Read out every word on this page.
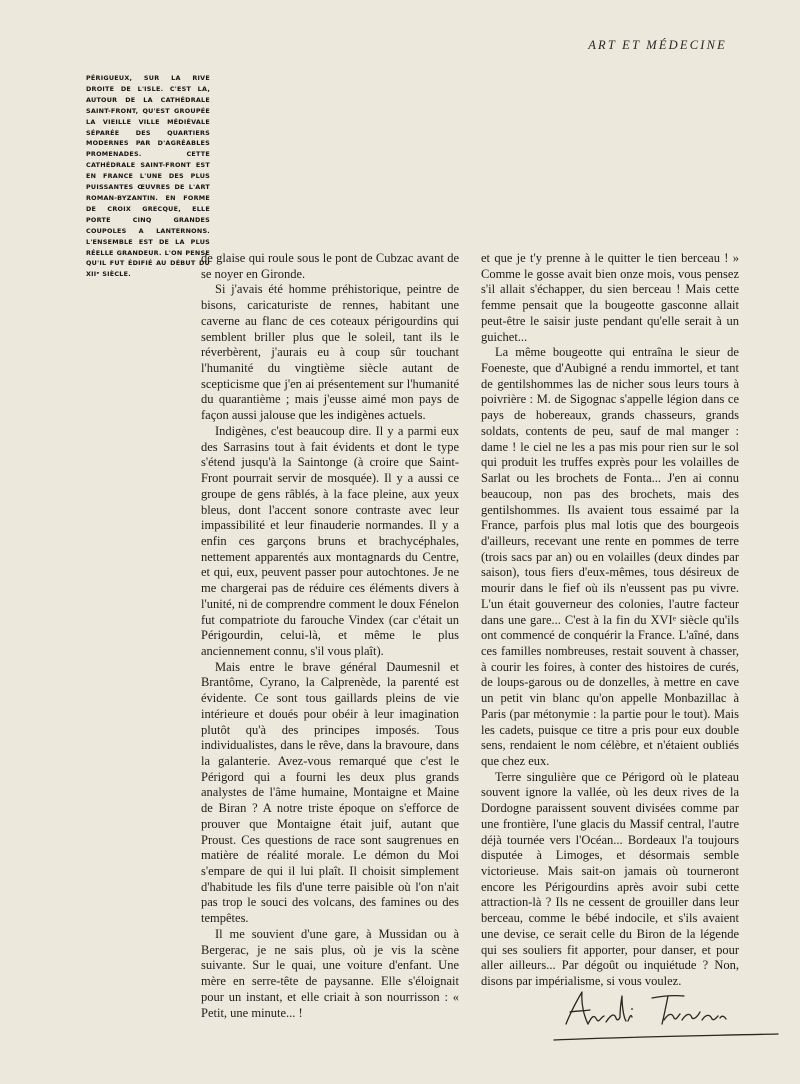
ART ET MÉDECINE
PÉRIGUEUX, SUR LA RIVE DROITE DE L'ISLE. C'EST LA, AUTOUR DE LA CATHÉDRALE SAINT-FRONT, QU'EST GROUPÉE LA VIEILLE VILLE MÉDIÉVALE SÉPARÉE DES QUARTIERS MODERNES PAR D'AGRÉABLES PROMENADES. CETTE CATHÉDRALE SAINT-FRONT EST EN FRANCE L'UNE DES PLUS PUISSANTES ŒUVRES DE L'ART ROMAN-BYZANTIN. EN FORME DE CROIX GRECQUE, ELLE PORTE CINQ GRANDES COUPOLES A LANTERNONS. L'ENSEMBLE EST DE LA PLUS RÉELLE GRANDEUR. L'ON PENSE QU'IL FUT ÉDIFIÉ AU DÉBUT DU XIIᵉ SIÈCLE.

de glaise qui roule sous le pont de Cubzac avant de se noyer en Gironde.

Si j'avais été homme préhistorique, peintre de bisons, caricaturiste de rennes, habitant une caverne au flanc de ces coteaux périgourdins qui semblent briller plus que le soleil, tant ils le réverbèrent, j'aurais eu à coup sûr touchant l'humanité du vingtième siècle autant de scepticisme que j'en ai présentement sur l'humanité du quarantième ; mais j'eusse aimé mon pays de façon aussi jalouse que les indigènes actuels.

Indigènes, c'est beaucoup dire. Il y a parmi eux des Sarrasins tout à fait évidents et dont le type s'étend jusqu'à la Saintonge (à croire que Saint-Front pourrait servir de mosquée). Il y a aussi ce groupe de gens râblés, à la face pleine, aux yeux bleus, dont l'accent sonore contraste avec leur impassibilité et leur finauderie normandes. Il y a enfin ces garçons bruns et brachycéphales, nettement apparentés aux montagnards du Centre, et qui, eux, peuvent passer pour autochtones. Je ne me chargerai pas de réduire ces éléments divers à l'unité, ni de comprendre comment le doux Fénelon fut compatriote du farouche Vindex (car c'était un Périgourdin, celui-là, et même le plus anciennement connu, s'il vous plaît).

Mais entre le brave général Daumesnil et Brantôme, Cyrano, la Calprenède, la parenté est évidente. Ce sont tous gaillards pleins de vie intérieure et doués pour obéir à leur imagination plutôt qu'à des principes imposés. Tous individualistes, dans le rêve, dans la bravoure, dans la galanterie. Avez-vous remarqué que c'est le Périgord qui a fourni les deux plus grands analystes de l'âme humaine, Montaigne et Maine de Biran ? A notre triste époque on s'efforce de prouver que Montaigne était juif, autant que Proust. Ces questions de race sont saugrenues en matière de réalité morale. Le démon du Moi s'empare de qui il lui plaît. Il choisit simplement d'habitude les fils d'une terre paisible où l'on n'ait pas trop le souci des volcans, des famines ou des tempêtes.

Il me souvient d'une gare, à Mussidan ou à Bergerac, je ne sais plus, où je vis la scène suivante. Sur le quai, une voiture d'enfant. Une mère en serre-tête de paysanne. Elle s'éloignait pour un instant, et elle criait à son nourrisson : « Petit, une minute... !

et que je t'y prenne à le quitter le tien berceau ! » Comme le gosse avait bien onze mois, vous pensez s'il allait s'échapper, du sien berceau ! Mais cette femme pensait que la bougeotte gasconne allait peut-être le saisir juste pendant qu'elle serait à un guichet...

La même bougeotte qui entraîna le sieur de Foeneste, que d'Aubigné a rendu immortel, et tant de gentilshommes las de nicher sous leurs tours à poivrière : M. de Sigognac s'appelle légion dans ce pays de hobereaux, grands chasseurs, grands soldats, contents de peu, sauf de mal manger : dame ! le ciel ne les a pas mis pour rien sur le sol qui produit les truffes exprès pour les volailles de Sarlat ou les brochets de Fonta... J'en ai connu beaucoup, non pas des brochets, mais des gentilshommes. Ils avaient tous essaimé par la France, parfois plus mal lotis que des bourgeois d'ailleurs, recevant une rente en pommes de terre (trois sacs par an) ou en volailles (deux dindes par saison), tous fiers d'eux-mêmes, tous désireux de mourir dans le fief où ils n'eussent pas pu vivre. L'un était gouverneur des colonies, l'autre facteur dans une gare... C'est à la fin du XVIᵉ siècle qu'ils ont commencé de conquérir la France. L'aîné, dans ces familles nombreuses, restait souvent à chasser, à courir les foires, à conter des histoires de curés, de loups-garous ou de donzelles, à mettre en cave un petit vin blanc qu'on appelle Monbazillac à Paris (par métonymie : la partie pour le tout). Mais les cadets, puisque ce titre a pris pour eux double sens, rendaient le nom célèbre, et n'étaient oubliés que chez eux.

Terre singulière que ce Périgord où le plateau souvent ignore la vallée, où les deux rives de la Dordogne paraissent souvent divisées comme par une frontière, l'une glacis du Massif central, l'autre déjà tournée vers l'Océan... Bordeaux l'a toujours disputée à Limoges, et désormais semble victorieuse. Mais sait-on jamais où tourneront encore les Périgourdins après avoir subi cette attraction-là ? Ils ne cessent de grouiller dans leur berceau, comme le bébé indocile, et s'ils avaient une devise, ce serait celle du Biron de la légende qui ses souliers fit apporter, pour danser, et pour aller ailleurs... Par dégoût ou inquiétude ? Non, disons par impérialisme, si vous voulez.
